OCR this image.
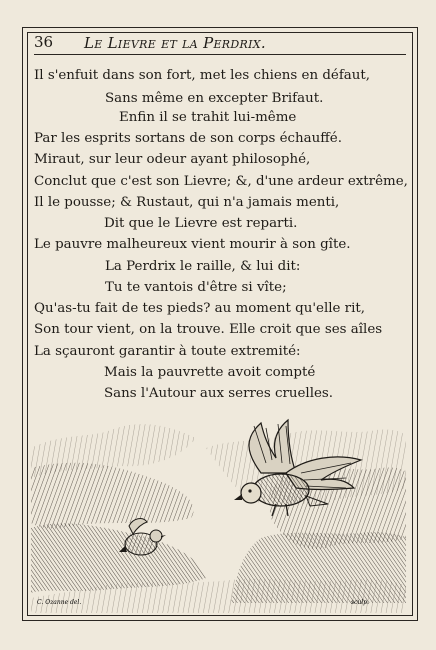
36 Le Lievre et la Perdrix.
Il s'enfuit dans son fort, met les chiens en défaut,
Sans même en excepter Brifaut.
Enfin il se trahit lui-même
Par les esprits sortans de son corps échauffé.
Miraut, sur leur odeur ayant philosophé,
Conclut que c'est son Lievre; &, d'une ardeur extrême,
Il le pousse; & Rustaut, qui n'a jamais menti,
Dit que le Lievre est reparti.
Le pauvre malheureux vient mourir à son gîte.
La Perdrix le raille, & lui dit:
Tu te vantois d'être si vîte;
Qu'as-tu fait de tes pieds? au moment qu'elle rit,
Son tour vient, on la trouve. Elle croit que ses aîles
La sçauront garantir à toute extremité:
Mais la pauvrette avoit compté
Sans l'Autour aux serres cruelles.
C. Ozanne del.	sculp.
